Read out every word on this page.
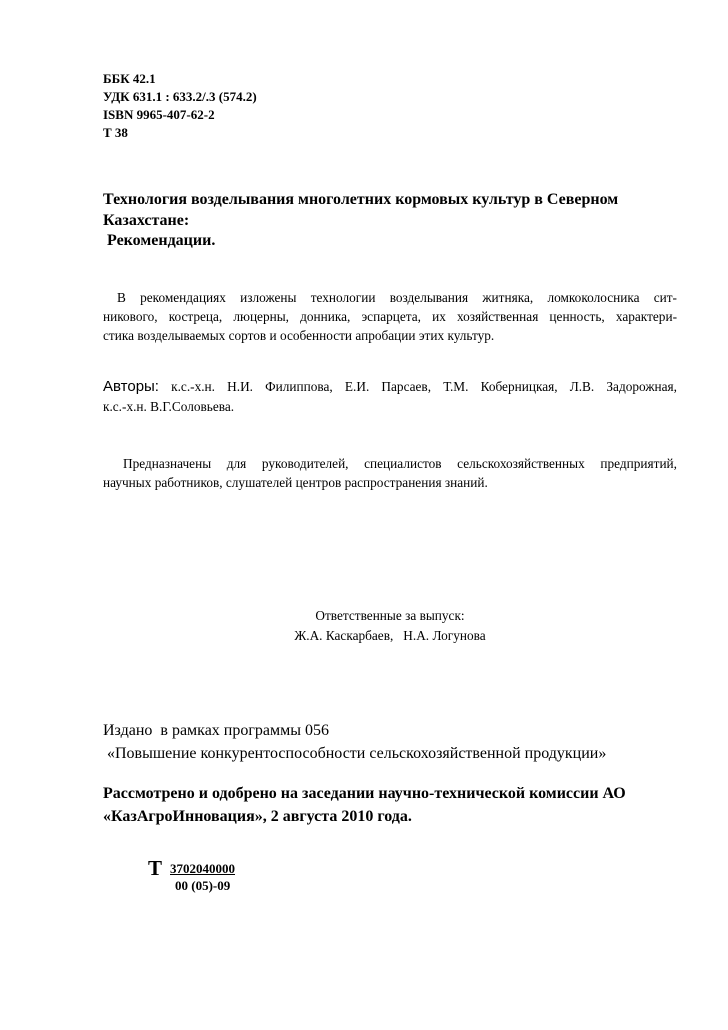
ББК 42.1
УДК 631.1 : 633.2/.3 (574.2)
ISBN 9965-407-62-2
Т 38
Технология возделывания многолетних кормовых культур в Северном
Казахстане:
Рекомендации.
В рекомендациях изложены технологии возделывания житняка, ломкоколосника сит-
никового, кострецa, люцерны, донника, эспарцета, их хозяйственная ценность, характери-
стика возделываемых сортов и особенности апробации этих культур.
Авторы: к.с.-х.н. Н.И. Филиппова, Е.И. Парсаев, Т.М. Коберницкая, Л.В. Задорожная,
к.с.-х.н. В.Г.Соловьева.
Предназначены для руководителей, специалистов сельскохозяйственных предприятий,
научных работников, слушателей центров распространения знаний.
Ответственные за выпуск:
Ж.А. Каскарбаев,   Н.А. Логунова
Издано  в рамках программы 056
«Повышение конкурентоспособности сельскохозяйственной продукции»
Рассмотрено и одобрено на заседании научно-технической комиссии АО
«КазАгроИнновация», 2 августа 2010 года.
Т 3702040000
00 (05)-09
